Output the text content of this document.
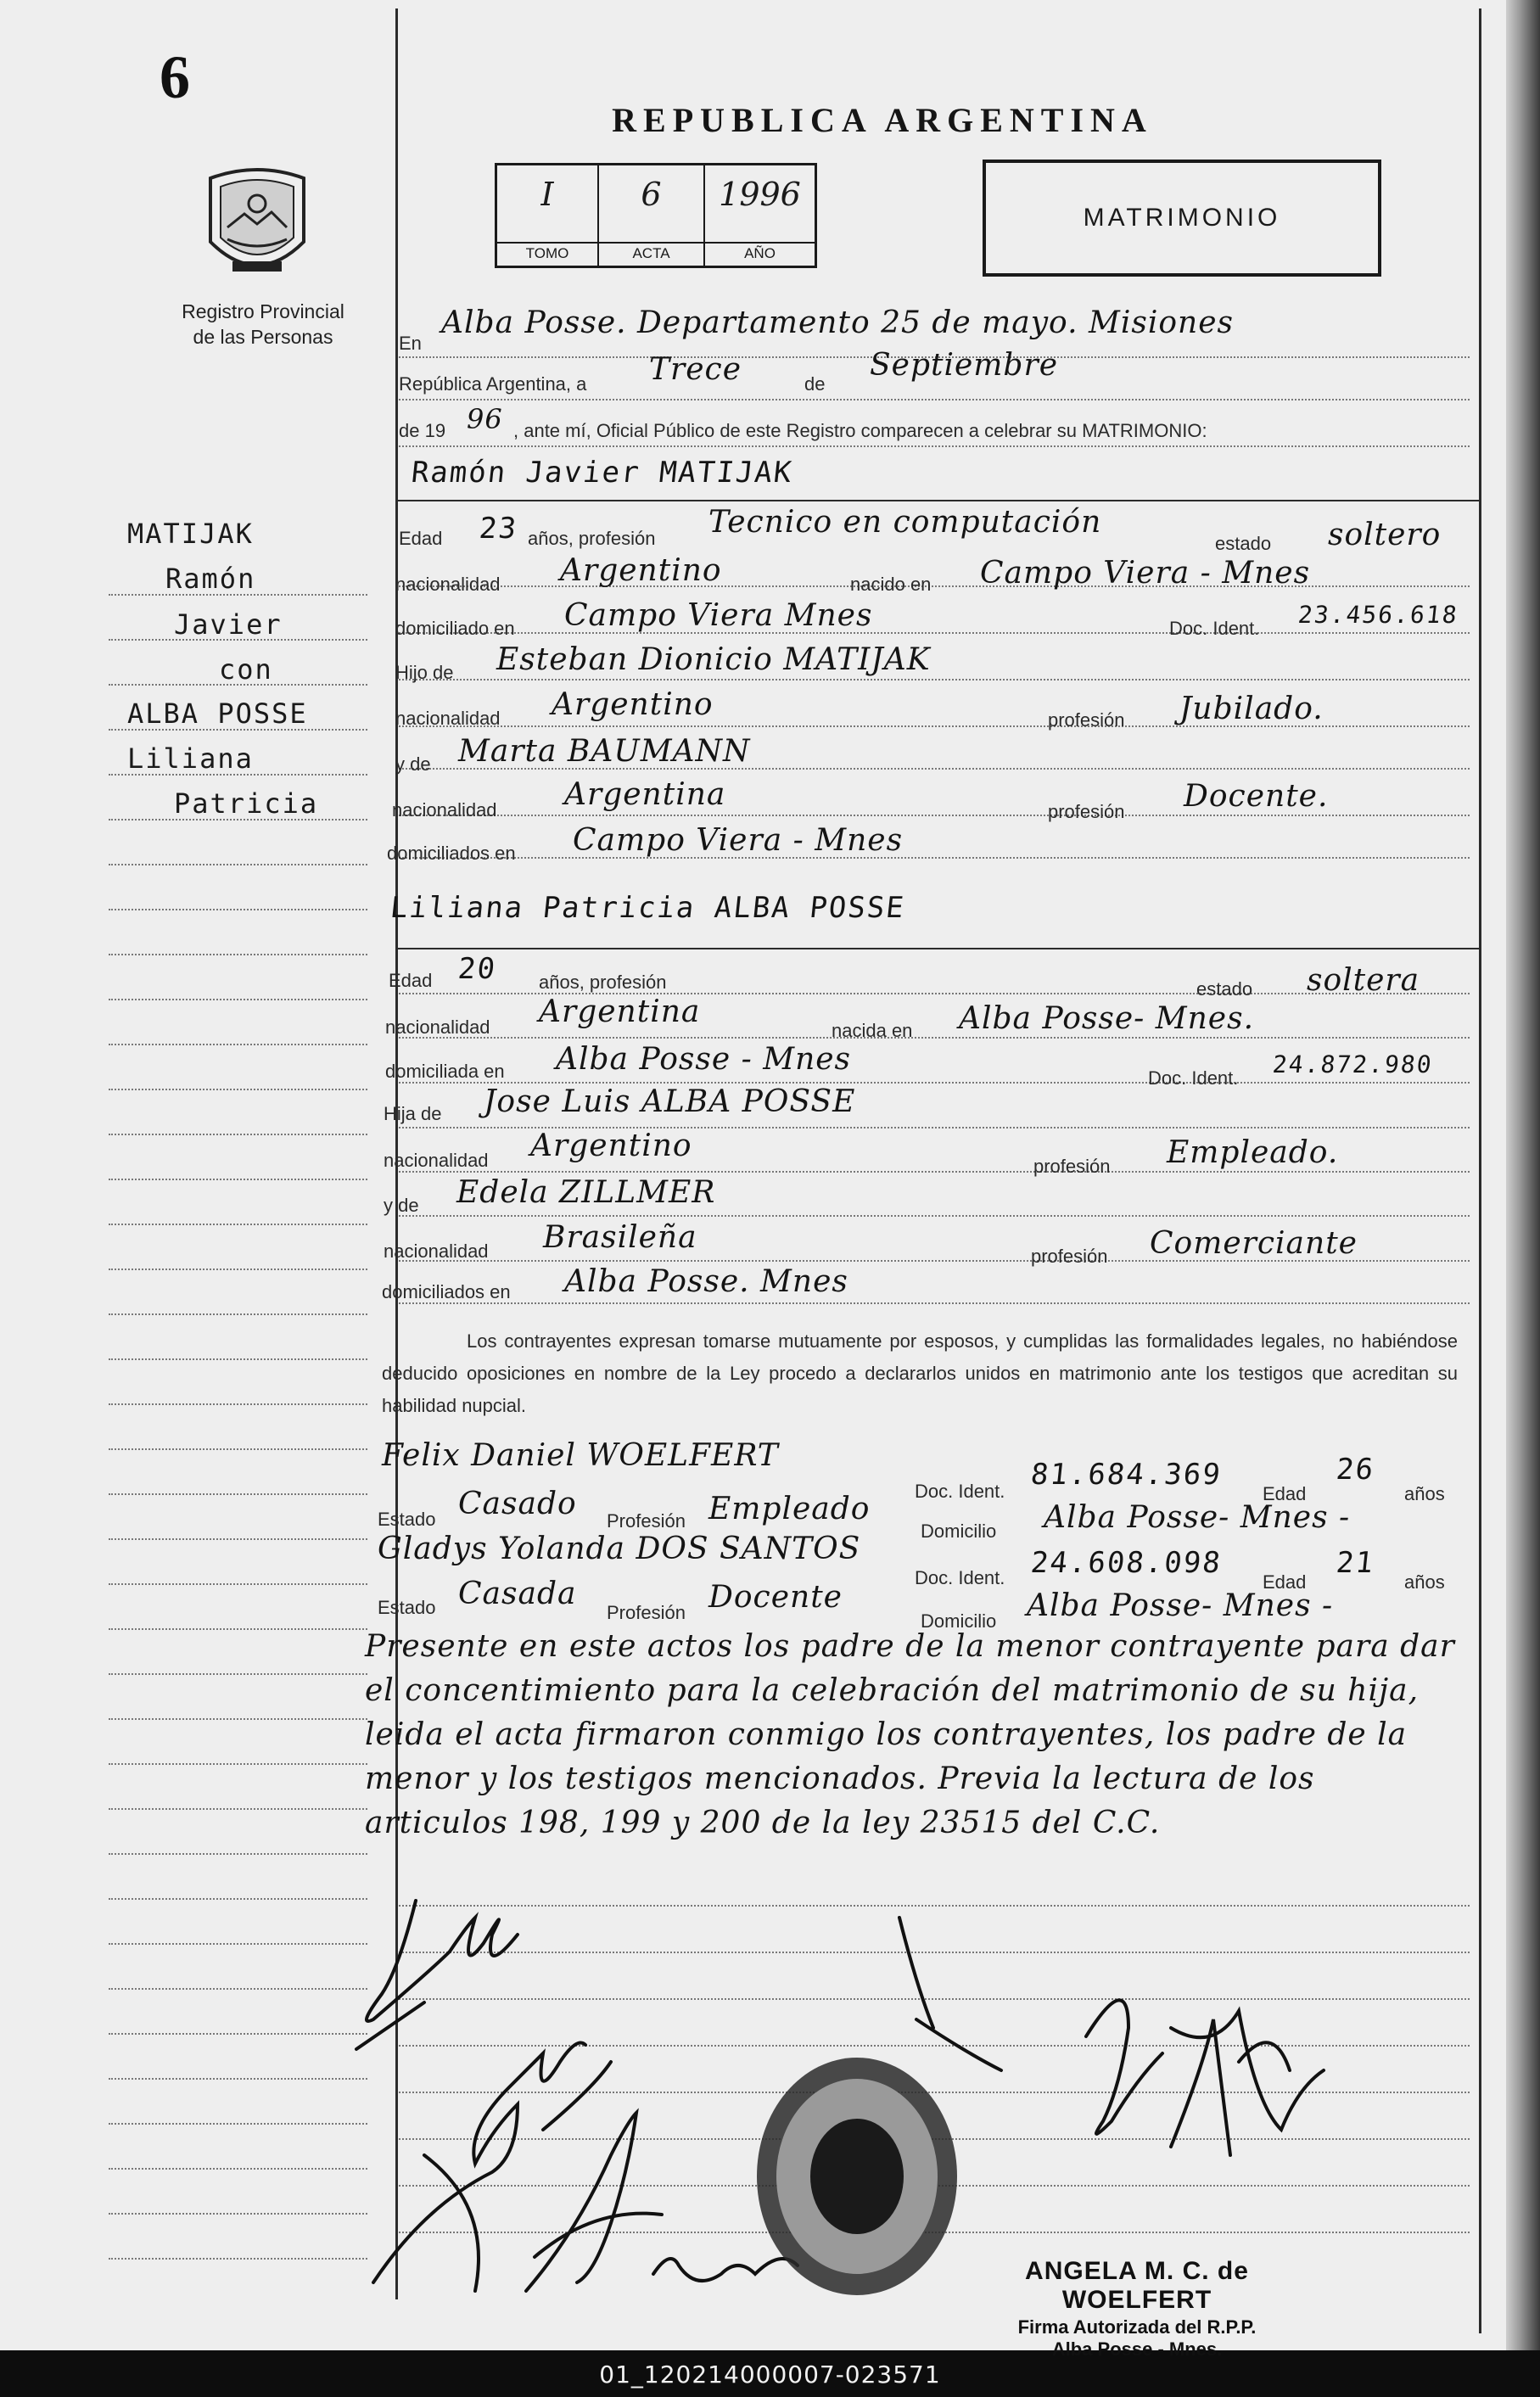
01_120214000007-023571
6
REPUBLICA ARGENTINA
Registro Provincial
de las Personas
I
TOMO
6
ACTA
1996
AÑO
MATRIMONIO
En
Alba Posse. Departamento 25 de mayo. Misiones
República Argentina, a Trece	de
Septiembre
de 19 96 , ante mí, Oficial Público de este Registro comparecen a celebrar su MATRIMONIO:
Ramón Javier MATIJAK
Edad 23 años, profesión Tecnico en computación
estado soltero
nacionalidad Argentino	nacido en Campo Viera - Mnes
domiciliado en Campo Viera Mnes	Doc. Ident. 23.456.618
Hijo de Esteban Dionicio MATIJAK
nacionalidad Argentino	profesión Jubilado.
y de Marta BAUMANN
nacionalidad Argentina	profesión Docente.
domiciliados en Campo Viera - Mnes
Liliana Patricia ALBA POSSE
Edad 20 años, profesión	estado soltera
nacionalidad Argentina
nacida en Alba Posse- Mnes.
domiciliada en Alba Posse - Mnes
Doc. Ident. 24.872.980
Hija de Jose Luis ALBA POSSE
nacionalidad Argentino
profesión Empleado.
y de Edela ZILLMER
nacionalidad Brasileña
profesión Comerciante
domiciliados en Alba Posse. Mnes
Los contrayentes expresan tomarse mutuamente por esposos, y cumplidas las formalidades legales, no habiéndose deducido oposiciones en nombre de la Ley procedo a declararlos unidos en matrimonio ante los testigos que acreditan su habilidad nupcial.
Felix Daniel WOELFERT
Doc. Ident. 81.684.369
Edad
26
años
Estado Casado Profesión Empleado
Domicilio Alba Posse- Mnes -
Gladys Yolanda DOS SANTOS
Doc. Ident. 24.608.098
Edad
21
años
Estado Casada
Profesión Docente
Domicilio Alba Posse- Mnes -
Presente en este actos los padre de la menor contrayente para dar el concentimiento para la celebración del matrimonio de su hija, leida el acta firmaron conmigo los contrayentes, los padre de la menor y los testigos mencionados. Previa la lectura de los articulos 198, 199 y 200 de la ley 23515 del C.C.
ANGELA M. C. de WOELFERT
Firma Autorizada del R.P.P.
Alba Posse - Mnes.
MATIJAK
Ramón
Javier
con
ALBA POSSE
Liliana
Patricia
